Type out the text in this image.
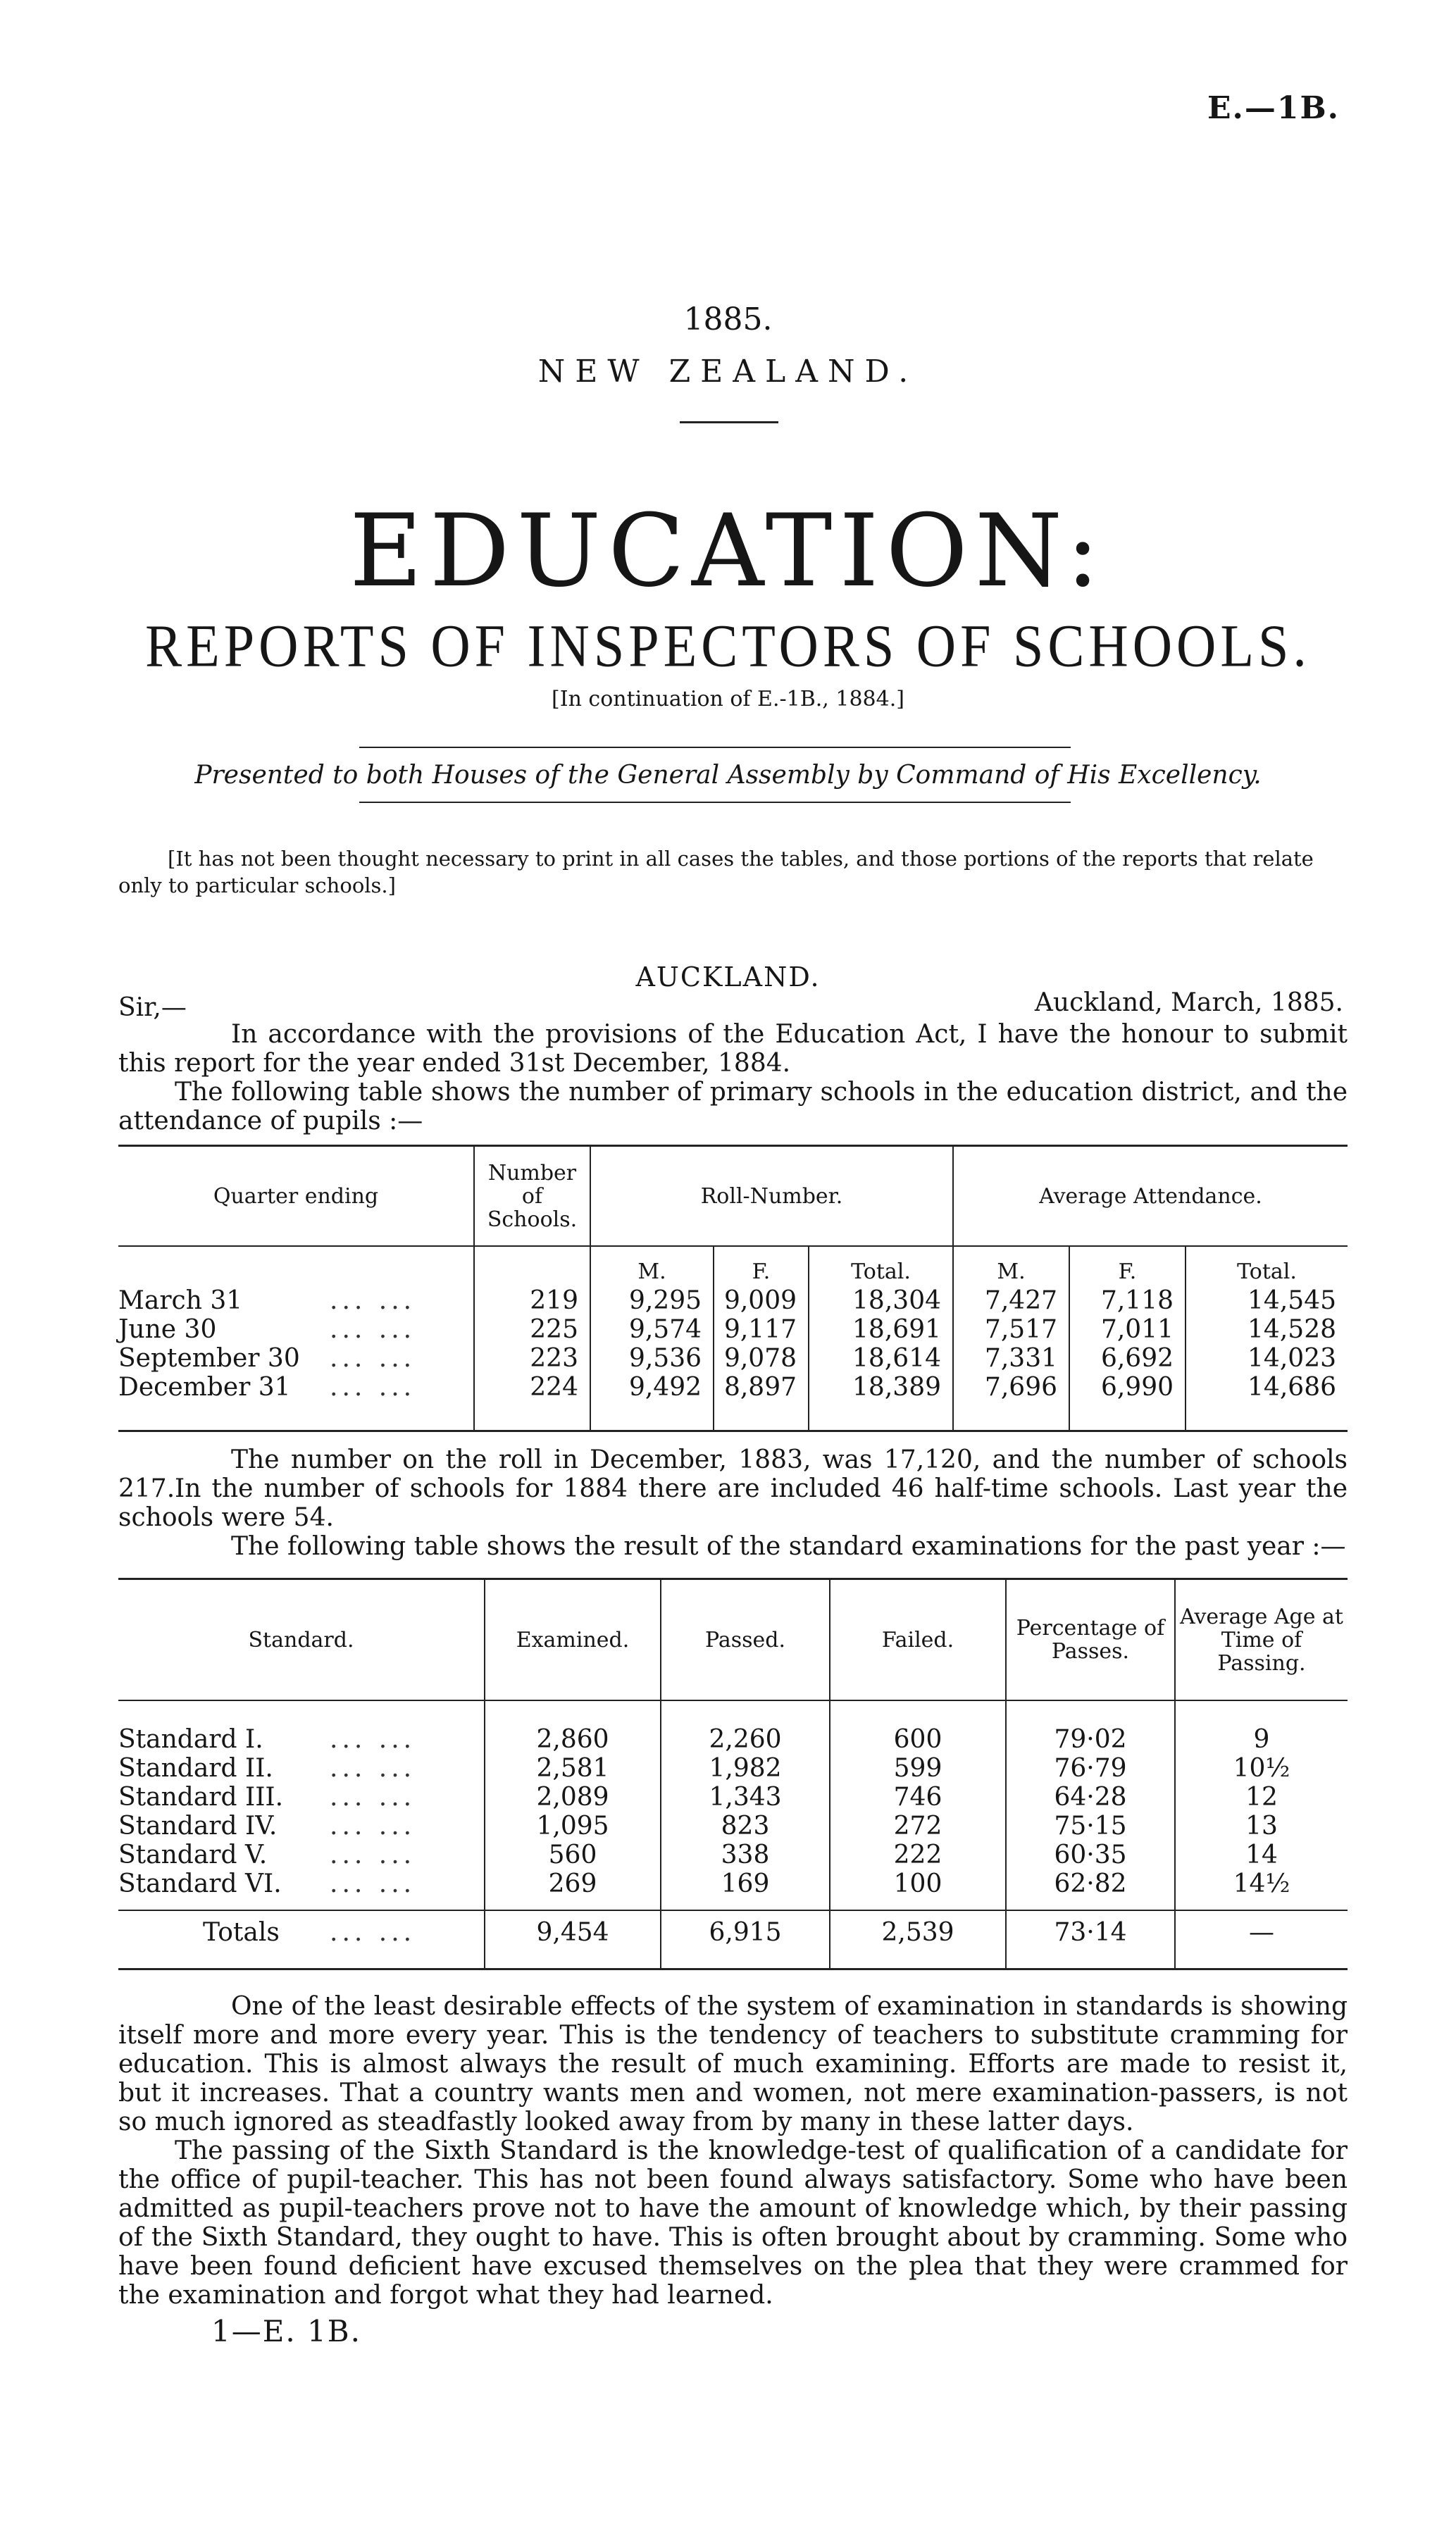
E.—1B.
1885.
NEW ZEALAND.
EDUCATION:
REPORTS OF INSPECTORS OF SCHOOLS.
[In continuation of E.-1B., 1884.]
Presented to both Houses of the General Assembly by Command of His Excellency.
[It has not been thought necessary to print in all cases the tables, and those portions of the reports that relate only to particular schools.]
AUCKLAND.
Sir,—	Auckland, March, 1885.
In accordance with the provisions of the Education Act, I have the honour to submit this report for the year ended 31st December, 1884.
The following table shows the number of primary schools in the education district, and the attendance of pupils :—
Quarter ending	Number of Schools.	Roll-Number.			Average Attendance.		
		M.	F.	Total.	M.	F.	Total.
March 31 ... ...	219	9,295	9,009	18,304	7,427	7,118	14,545
June 30 ... ...	225	9,574	9,117	18,691	7,517	7,011	14,528
September 30 ... ...	223	9,536	9,078	18,614	7,331	6,692	14,023
December 31 ... ...	224	9,492	8,897	18,389	7,696	6,990	14,686
The number on the roll in December, 1883, was 17,120, and the number of schools 217. In the number of schools for 1884 there are included 46 half-time schools. Last year the schools were 54.
The following table shows the result of the standard examinations for the past year :—
Standard.	Examined.	Passed.	Failed.	Percentage of Passes.	Average Age at Time of Passing.
Standard I. ... ...	2,860	2,260	600	79·02	9
Standard II. ... ...	2,581	1,982	599	76·79	10½
Standard III. ... ...	2,089	1,343	746	64·28	12
Standard IV. ... ...	1,095	823	272	75·15	13
Standard V. ... ...	560	338	222	60·35	14
Standard VI. ... ...	269	169	100	62·82	14½
Totals ... ...	9,454	6,915	2,539	73·14	—
One of the least desirable effects of the system of examination in standards is showing itself more and more every year. This is the tendency of teachers to substitute cramming for education. This is almost always the result of much examining. Efforts are made to resist it, but it increases. That a country wants men and women, not mere examination-passers, is not so much ignored as steadfastly looked away from by many in these latter days.
The passing of the Sixth Standard is the knowledge-test of qualification of a candidate for the office of pupil-teacher. This has not been found always satisfactory. Some who have been admitted as pupil-teachers prove not to have the amount of knowledge which, by their passing of the Sixth Standard, they ought to have. This is often brought about by cramming. Some who have been found deficient have excused themselves on the plea that they were crammed for the examination and forgot what they had learned.
1—E. 1B.
